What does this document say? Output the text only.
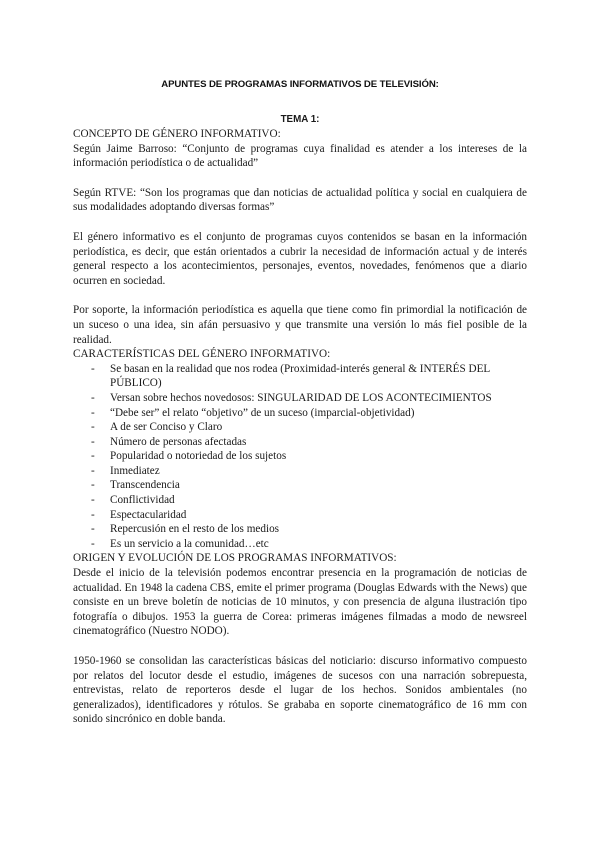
APUNTES DE PROGRAMAS INFORMATIVOS DE TELEVISIÓN:
TEMA 1:
CONCEPTO DE GÉNERO INFORMATIVO:

Según Jaime Barroso: “Conjunto de programas cuya finalidad es atender a los intereses de la información periodística o de actualidad”

Según RTVE: “Son los programas que dan noticias de actualidad política y social en cualquiera de sus modalidades adoptando diversas formas”

El género informativo es el conjunto de programas cuyos contenidos se basan en la información periodística, es decir, que están orientados a cubrir la necesidad de información actual y de interés general respecto a los acontecimientos, personajes, eventos, novedades, fenómenos que a diario ocurren en sociedad.

Por soporte, la información periodística es aquella que tiene como fin primordial la notificación de un suceso o una idea, sin afán persuasivo y que transmite una versión lo más fiel posible de la realidad.

CARACTERÍSTICAS DEL GÉNERO INFORMATIVO:
- Se basan en la realidad que nos rodea (Proximidad-interés general & INTERÉS DEL PÚBLICO)
- Versan sobre hechos novedosos: SINGULARIDAD DE LOS ACONTECIMIENTOS
- “Debe ser” el relato “objetivo” de un suceso (imparcial-objetividad)
- A de ser Conciso y Claro
- Número de personas afectadas
- Popularidad o notoriedad de los sujetos
- Inmediatez
- Transcendencia
- Conflictividad
- Espectacularidad
- Repercusión en el resto de los medios
- Es un servicio a la comunidad…etc
ORIGEN Y EVOLUCIÓN DE LOS PROGRAMAS INFORMATIVOS:

Desde el inicio de la televisión podemos encontrar presencia en la programación de noticias de actualidad. En 1948 la cadena CBS, emite el primer programa (Douglas Edwards with the News) que consiste en un breve boletín de noticias de 10 minutos, y con presencia de alguna ilustración tipo fotografía o dibujos. 1953 la guerra de Corea: primeras imágenes filmadas a modo de newsreel cinematográfico (Nuestro NODO).

1950-1960 se consolidan las características básicas del noticiario: discurso informativo compuesto por relatos del locutor desde el estudio, imágenes de sucesos con una narración sobrepuesta, entrevistas, relato de reporteros desde el lugar de los hechos. Sonidos ambientales (no generalizados), identificadores y rótulos. Se grababa en soporte cinematográfico de 16 mm con sonido sincrónico en doble banda.
